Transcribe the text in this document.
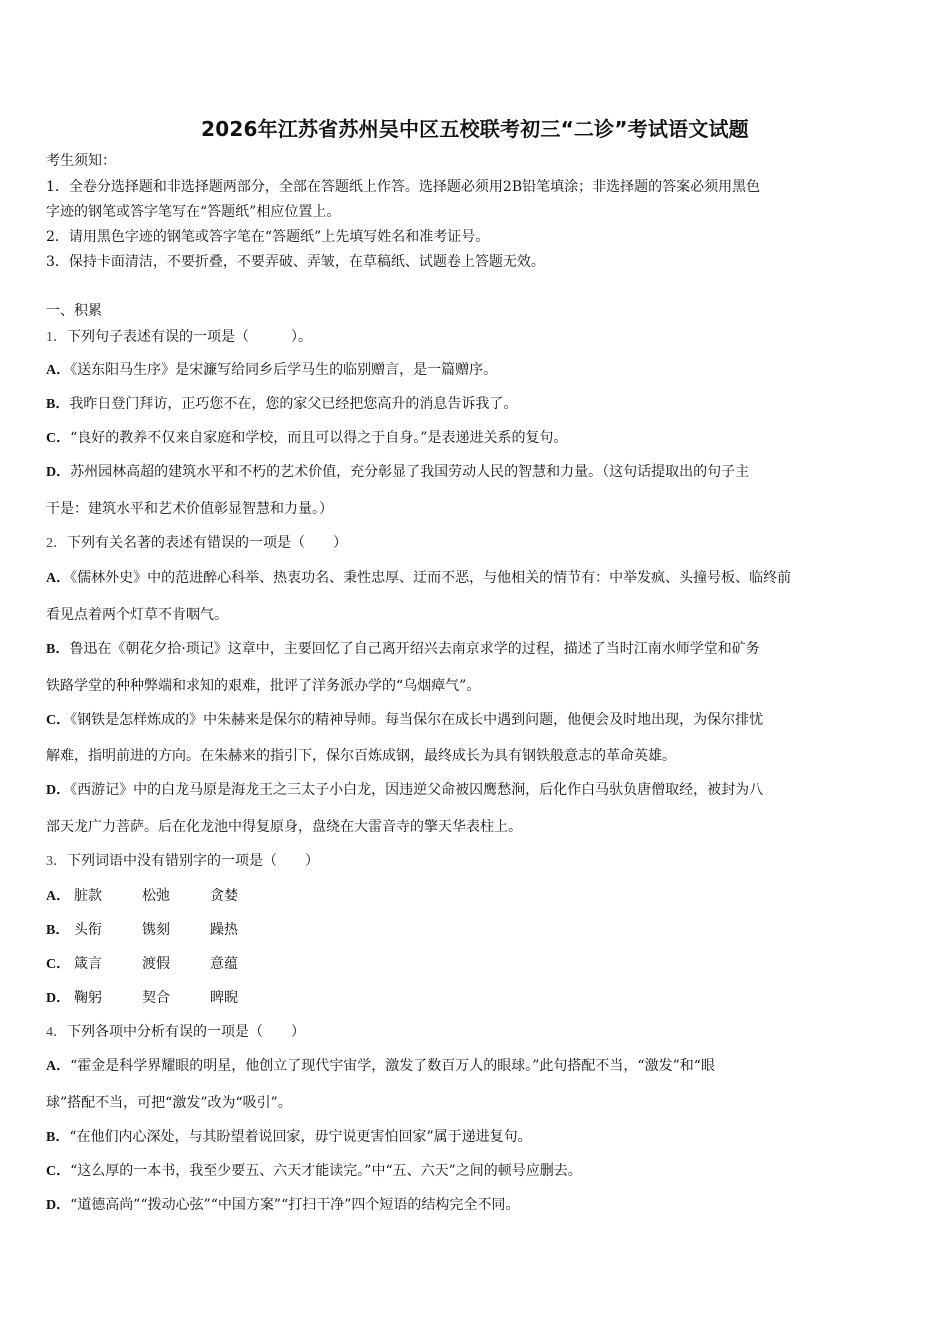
2026年江苏省苏州吴中区五校联考初三“二诊”考试语文试题
考生须知：
1．全卷分选择题和非选择题两部分，全部在答题纸上作答。选择题必须用2B铅笔填涂；非选择题的答案必须用黑色
字迹的钢笔或答字笔写在“答题纸”相应位置上。
2．请用黑色字迹的钢笔或答字笔在“答题纸”上先填写姓名和准考证号。
3．保持卡面清洁，不要折叠，不要弄破、弄皱，在草稿纸、试题卷上答题无效。
一、积累
1．下列句子表述有误的一项是（　　　）。
A．《送东阳马生序》是宋濂写给同乡后学马生的临别赠言，是一篇赠序。
B．我昨日登门拜访，正巧您不在，您的家父已经把您高升的消息告诉我了。
C．“良好的教养不仅来自家庭和学校，而且可以得之于自身。”是表递进关系的复句。
D．苏州园林高超的建筑水平和不朽的艺术价值，充分彰显了我国劳动人民的智慧和力量。（这句话提取出的句子主
干是：建筑水平和艺术价值彰显智慧和力量。）
2．下列有关名著的表述有错误的一项是（　　）
A．《儒林外史》中的范进醉心科举、热衷功名、秉性忠厚、迂而不恶，与他相关的情节有：中举发疯、头撞号板、临终前
看见点着两个灯草不肯咽气。
B．鲁迅在《朝花夕拾·琐记》这章中，主要回忆了自己离开绍兴去南京求学的过程，描述了当时江南水师学堂和矿务
铁路学堂的种种弊端和求知的艰难，批评了洋务派办学的“乌烟瘴气”。
C．《钢铁是怎样炼成的》中朱赫来是保尔的精神导师。每当保尔在成长中遇到问题，他便会及时地出现，为保尔排忧
解难，指明前进的方向。在朱赫来的指引下，保尔百炼成钢，最终成长为具有钢铁般意志的革命英雄。
D．《西游记》中的白龙马原是海龙王之三太子小白龙，因违逆父命被囚鹰愁涧，后化作白马驮负唐僧取经，被封为八
部天龙广力菩萨。后在化龙池中得复原身，盘绕在大雷音寺的擎天华表柱上。
3．下列词语中没有错别字的一项是（　　）
A． 脏款	松弛	贪婪
B． 头衔	镌刻	躁热
C． 箴言	渡假	意蕴
D． 鞠躬	契合	睥睨
4．下列各项中分析有误的一项是（　　）
A．“霍金是科学界耀眼的明星，他创立了现代宇宙学，激发了数百万人的眼球。”此句搭配不当，“激发”和“眼
球”搭配不当，可把“激发”改为“吸引”。
B．“在他们内心深处，与其盼望着说回家，毋宁说更害怕回家”属于递进复句。
C．“这么厚的一本书，我至少要五、六天才能读完。”中“五、六天”之间的顿号应删去。
D．“道德高尚”“拨动心弦”“中国方案”“打扫干净”四个短语的结构完全不同。
